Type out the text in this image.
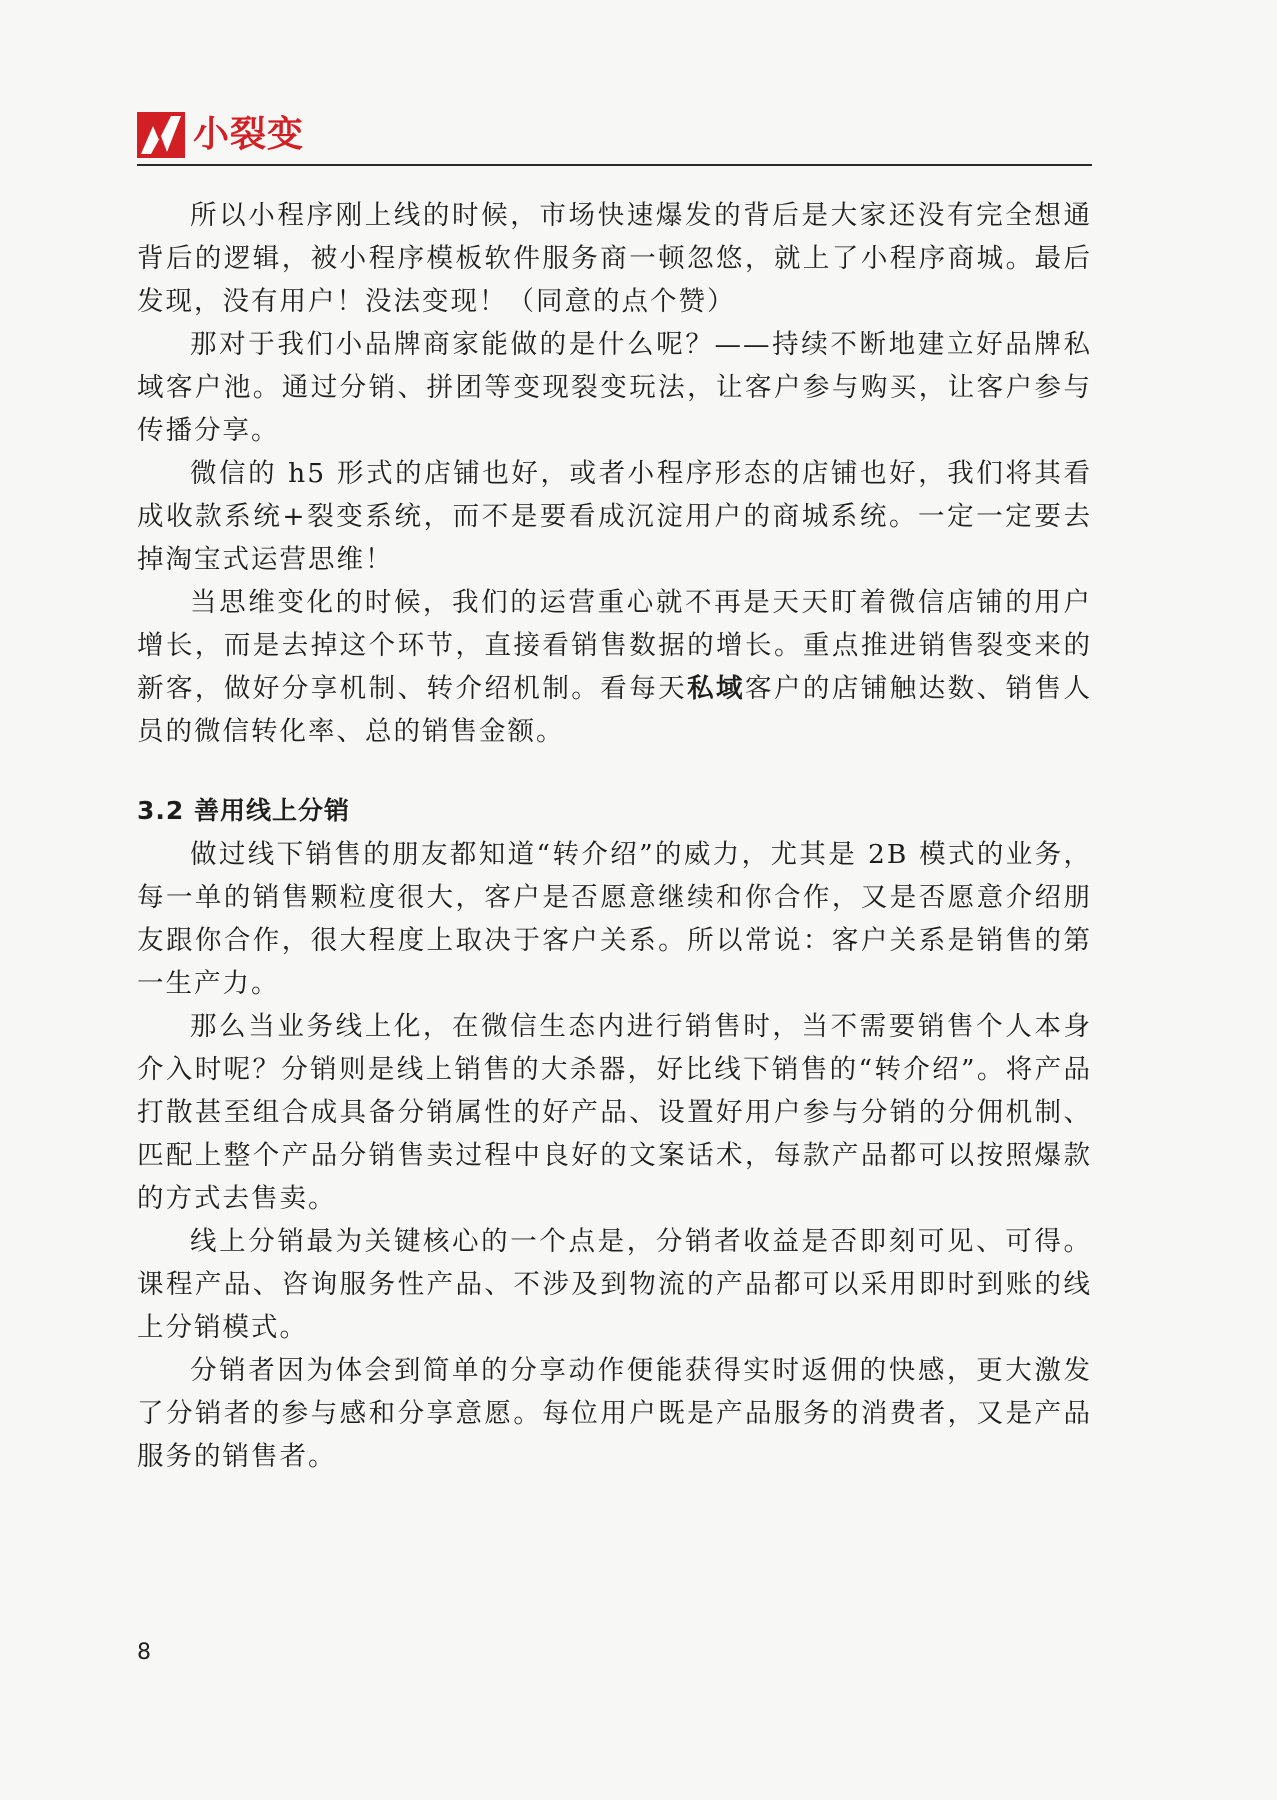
小裂变

所以小程序刚上线的时候，市场快速爆发的背后是大家还没有完全想通背后的逻辑，被小程序模板软件服务商一顿忽悠，就上了小程序商城。最后发现，没有用户！没法变现！（同意的点个赞）

那对于我们小品牌商家能做的是什么呢？——持续不断地建立好品牌私域客户池。通过分销、拼团等变现裂变玩法，让客户参与购买，让客户参与传播分享。

微信的 h5 形式的店铺也好，或者小程序形态的店铺也好，我们将其看成收款系统+裂变系统，而不是要看成沉淀用户的商城系统。一定一定要去掉淘宝式运营思维！

当思维变化的时候，我们的运营重心就不再是天天盯着微信店铺的用户增长，而是去掉这个环节，直接看销售数据的增长。重点推进销售裂变来的新客，做好分享机制、转介绍机制。看每天私域客户的店铺触达数、销售人员的微信转化率、总的销售金额。

3.2 善用线上分销

做过线下销售的朋友都知道“转介绍”的威力，尤其是 2B 模式的业务，每一单的销售颗粒度很大，客户是否愿意继续和你合作，又是否愿意介绍朋友跟你合作，很大程度上取决于客户关系。所以常说：客户关系是销售的第一生产力。

那么当业务线上化，在微信生态内进行销售时，当不需要销售个人本身介入时呢？分销则是线上销售的大杀器，好比线下销售的“转介绍”。将产品打散甚至组合成具备分销属性的好产品、设置好用户参与分销的分佣机制、匹配上整个产品分销售卖过程中良好的文案话术，每款产品都可以按照爆款的方式去售卖。

线上分销最为关键核心的一个点是，分销者收益是否即刻可见、可得。课程产品、咨询服务性产品、不涉及到物流的产品都可以采用即时到账的线上分销模式。

分销者因为体会到简单的分享动作便能获得实时返佣的快感，更大激发了分销者的参与感和分享意愿。每位用户既是产品服务的消费者，又是产品服务的销售者。

8
